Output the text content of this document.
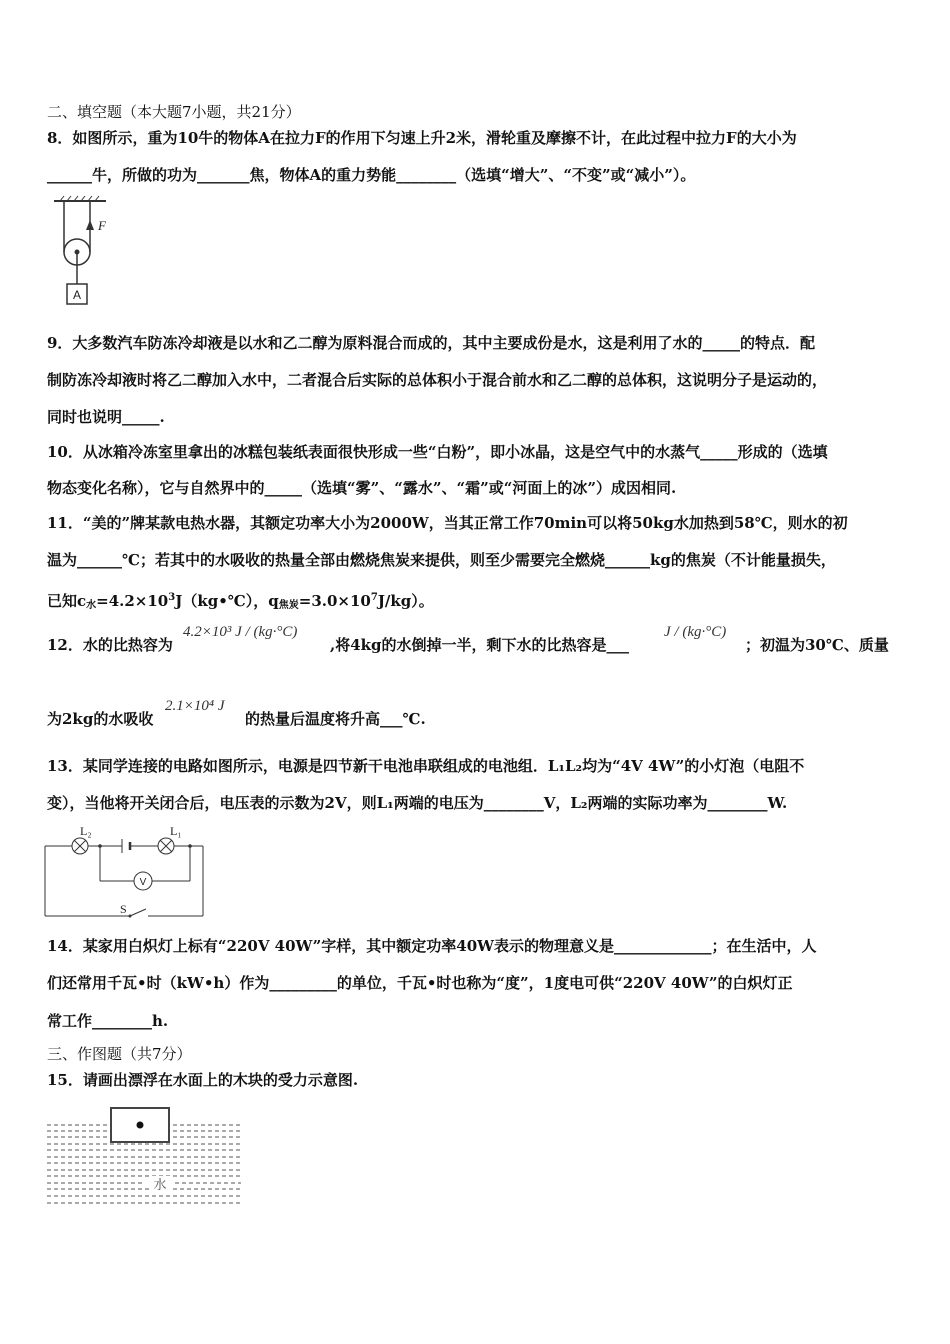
二、填空题（本大题7小题，共21分）
8．如图所示，重为10牛的物体A在拉力F的作用下匀速上升2米，滑轮重及摩擦不计，在此过程中拉力F的大小为
______牛，所做的功为_______焦，物体A的重力势能________（选填“增大”、“不变”或“减小”）。
F
A
9．大多数汽车防冻冷却液是以水和乙二醇为原料混合而成的，其中主要成份是水，这是利用了水的_____的特点．配
制防冻冷却液时将乙二醇加入水中，二者混合后实际的总体积小于混合前水和乙二醇的总体积，这说明分子是运动的，
同时也说明_____.
10．从冰箱冷冻室里拿出的冰糕包装纸表面很快形成一些“白粉”，即小冰晶，这是空气中的水蒸气_____形成的（选填
物态变化名称），它与自然界中的_____（选填“雾”、“露水”、“霜”或“河面上的冰”）成因相同.
11．“美的”牌某款电热水器，其额定功率大小为2000W，当其正常工作70min可以将50kg水加热到58℃，则水的初
温为______℃；若其中的水吸收的热量全部由燃烧焦炭来提供，则至少需要完全燃烧______kg的焦炭（不计能量损失，
已知$c_水=4.2\times 10^3J(kg•℃)$，$q_{焦炭}=3.0\times 10^7J/kg$）。
12．水的比热容为
4.2×10³ J / (kg·°C)
,将4kg的水倒掉一半，剩下水的比热容是___
J / (kg·°C)
；初温为30℃、质量
为2kg的水吸收
2.1×10⁴ J
的热量后温度将升高___℃.
13．某同学连接的电路如图所示，电源是四节新干电池串联组成的电池组．L₁L₂均为“4V 4W”的小灯泡（电阻不
变），当他将开关闭合后，电压表的示数为2V，则L₁两端的电压为________V，L₂两端的实际功率为________W.
L₂	L₁
V
S
14．某家用白炽灯上标有“220V 40W”字样，其中额定功率40W表示的物理意义是_____________；在生活中，人
们还常用千瓦•时（kW•h）作为_________的单位，千瓦•时也称为“度”，1度电可供“220V 40W”的白炽灯正
常工作________h.
三、作图题（共7分）
15．请画出漂浮在水面上的木块的受力示意图.
水
